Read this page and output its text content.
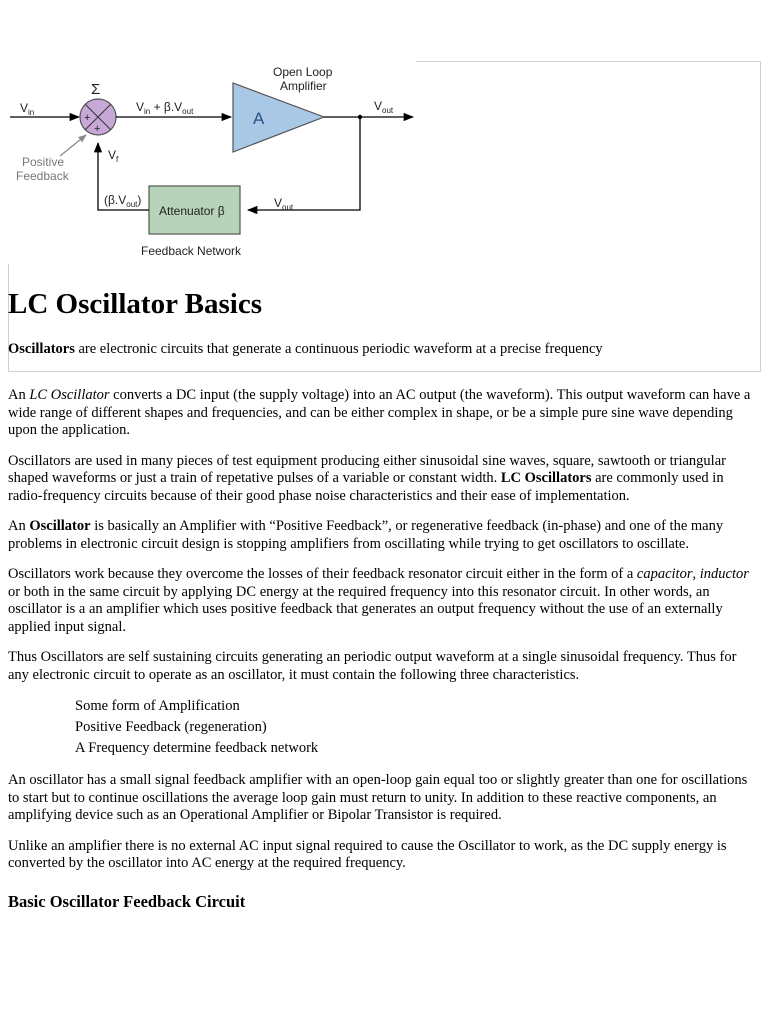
+
+
Σ
A
Open Loop
Amplifier
Attenuator β
Feedback Network
$V_{in}$	$V_{in} + \beta.V_{out}$	$V_{out}$
$V_f$
$(\beta.V_{out})$	$V_{out}$
Positive
Feedback
LC Oscillator Basics

Oscillators are electronic circuits that generate a continuous periodic waveform at a precise frequency

An LC Oscillator converts a DC input (the supply voltage) into an AC output (the waveform). This output waveform can have a wide range of different shapes and frequencies, and can be either complex in shape, or be a simple pure sine wave depending upon the application.

Oscillators are used in many pieces of test equipment producing either sinusoidal sine waves, square, sawtooth or triangular shaped waveforms or just a train of repetative pulses of a variable or constant width. LC Oscillators are commonly used in radio-frequency circuits because of their good phase noise characteristics and their ease of implementation.

An Oscillator is basically an Amplifier with “Positive Feedback”, or regenerative feedback (in-phase) and one of the many problems in electronic circuit design is stopping amplifiers from oscillating while trying to get oscillators to oscillate.

Oscillators work because they overcome the losses of their feedback resonator circuit either in the form of a capacitor, inductor or both in the same circuit by applying DC energy at the required frequency into this resonator circuit. In other words, an oscillator is a an amplifier which uses positive feedback that generates an output frequency without the use of an externally applied input signal.

Thus Oscillators are self sustaining circuits generating an periodic output waveform at a single sinusoidal frequency. Thus for any electronic circuit to operate as an oscillator, it must contain the following three characteristics.

Some form of Amplification
Positive Feedback (regeneration)
A Frequency determine feedback network

An oscillator has a small signal feedback amplifier with an open-loop gain equal too or slightly greater than one for oscillations to start but to continue oscillations the average loop gain must return to unity. In addition to these reactive components, an amplifying device such as an Operational Amplifier or Bipolar Transistor is required.

Unlike an amplifier there is no external AC input signal required to cause the Oscillator to work, as the DC supply energy is converted by the oscillator into AC energy at the required frequency.

Basic Oscillator Feedback Circuit
